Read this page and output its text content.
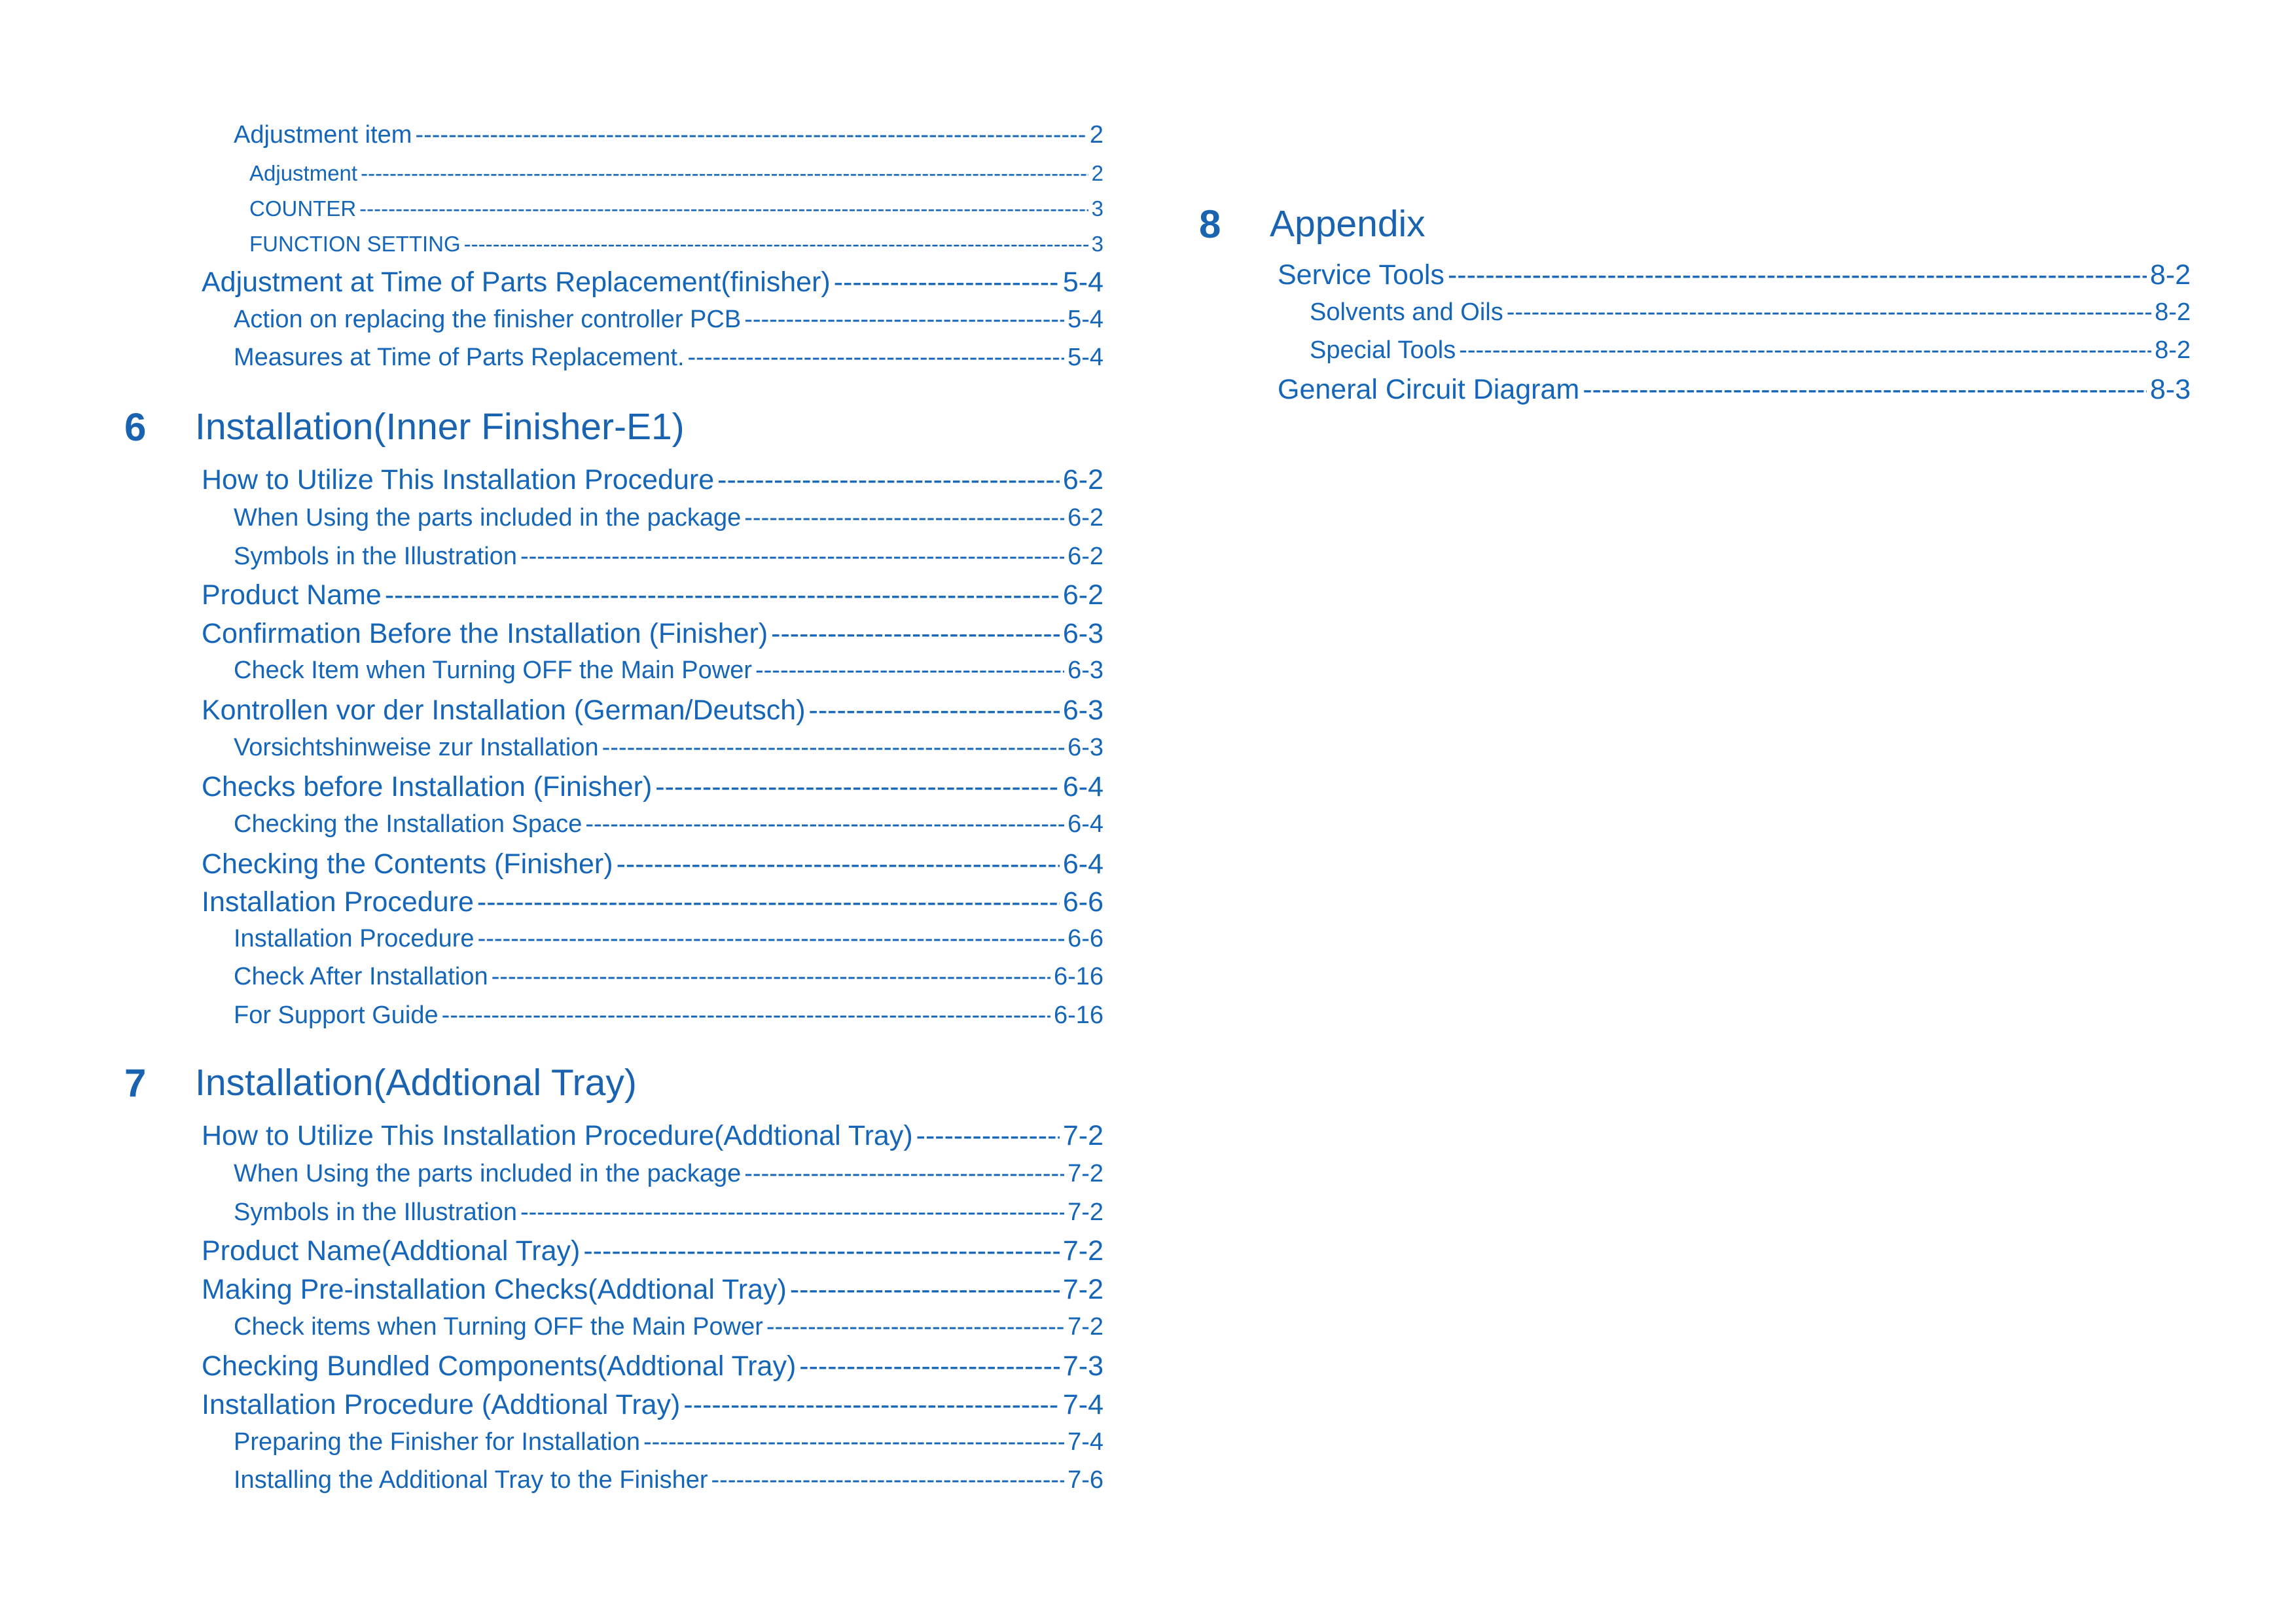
Adjustment item -----	2
Adjustment -----	2
COUNTER -----	3
FUNCTION SETTING -----	3
Adjustment at Time of Parts Replacement(finisher) -----	5-4
Action on replacing the finisher controller PCB -----	5-4
Measures at Time of Parts Replacement. -----	5-4
6 Installation(Inner Finisher-E1)
How to Utilize This Installation Procedure -----	6-2
When Using the parts included in the package -----	6-2
Symbols in the Illustration -----	6-2
Product Name -----	6-2
Confirmation Before the Installation (Finisher) -----	6-3
Check Item when Turning OFF the Main Power -----	6-3
Kontrollen vor der Installation (German/Deutsch) -----	6-3
Vorsichtshinweise zur Installation -----	6-3
Checks before Installation (Finisher) -----	6-4
Checking the Installation Space -----	6-4
Checking the Contents (Finisher) -----	6-4
Installation Procedure -----	6-6
Installation Procedure -----	6-6
Check After Installation -----	6-16
For Support Guide -----	6-16
7 Installation(Addtional Tray)
How to Utilize This Installation Procedure(Addtional Tray) -----	7-2
When Using the parts included in the package -----	7-2
Symbols in the Illustration -----	7-2
Product Name(Addtional Tray) -----	7-2
Making Pre-installation Checks(Addtional Tray) -----	7-2
Check items when Turning OFF the Main Power -----	7-2
Checking Bundled Components(Addtional Tray) -----	7-3
Installation Procedure (Addtional Tray) -----	7-4
Preparing the Finisher for Installation -----	7-4
Installing the Additional Tray to the Finisher -----	7-6
8 Appendix
Service Tools -----	8-2
Solvents and Oils -----	8-2
Special Tools -----	8-2
General Circuit Diagram -----	8-3
